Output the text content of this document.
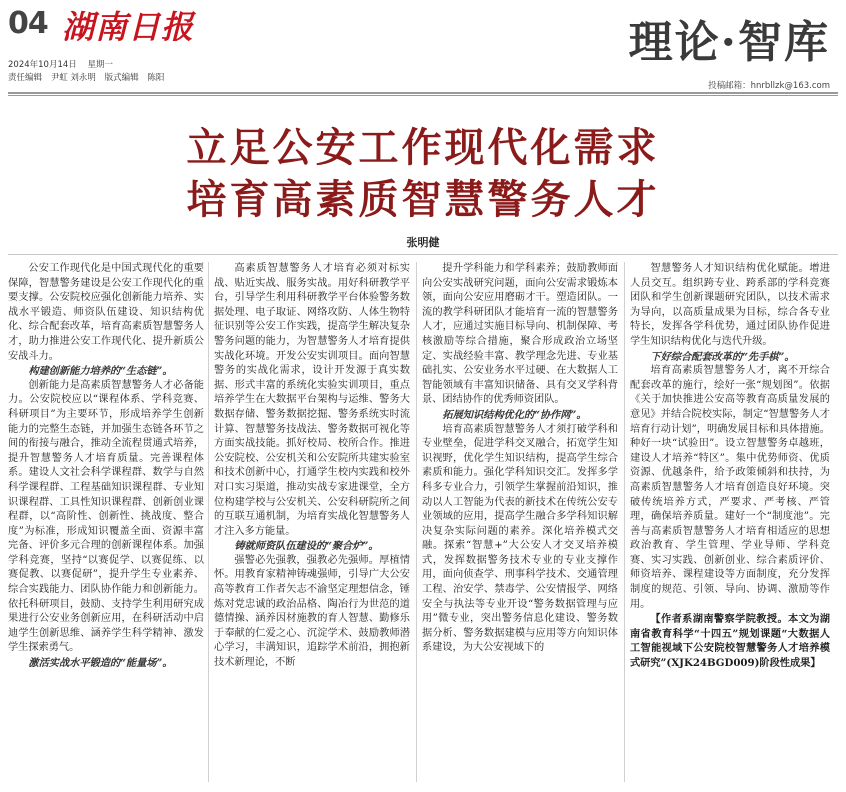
04 湖南日报
2024年10月14日 星期一
责任编辑 尹虹 刘永明 版式编辑 陈阳
理论·智库
投稿邮箱：hnrbllzk@163.com
立足公安工作现代化需求
培育高素质智慧警务人才
张明健

公安工作现代化是中国式现代化的重要保障，智慧警务建设是公安工作现代化的重要支撑。公安院校应强化创新能力培养、实战水平锻造、师资队伍建设、知识结构优化、综合配套改革，培育高素质智慧警务人才，助力推进公安工作现代化、提升新质公安战斗力。

构建创新能力培养的“生态链”。

创新能力是高素质智慧警务人才必备能力。公安院校应以“课程体系、学科竞赛、科研项目”为主要环节，形成培养学生创新能力的完整生态链，并加强生态链各环节之间的衔接与融合，推动全流程贯通式培养，提升智慧警务人才培育质量。完善课程体系。建设人文社会科学课程群、数学与自然科学课程群、工程基础知识课程群、专业知识课程群、工具性知识课程群、创新创业课程群，以“高阶性、创新性、挑战度、整合度”为标准，形成知识覆盖全面、资源丰富完备、评价多元合理的创新课程体系。加强学科竞赛，坚持“以赛促学、以赛促练、以赛促教、以赛促研”，提升学生专业素养、综合实践能力、团队协作能力和创新能力。依托科研项目，鼓励、支持学生利用研究成果进行公安业务创新应用，在科研活动中启迪学生创新思维、涵养学生科学精神、激发学生探索勇气。

激活实战水平锻造的“能量场”。

高素质智慧警务人才培育必须对标实战、贴近实战、服务实战。用好科研教学平台，引导学生利用科研教学平台体验警务数据处理、电子取证、网络攻防、人体生物特征识别等公安工作实践，提高学生解决复杂警务问题的能力，为智慧警务人才培育提供实战化环境。开发公安实训项目。面向智慧警务的实战化需求，设计开发源于真实数据、形式丰富的系统化实验实训项目，重点培养学生在大数据平台架构与运维、警务大数据存储、警务数据挖掘、警务系统实时流计算、智慧警务技战法、警务数据可视化等方面实战技能。抓好校局、校所合作。推进公安院校、公安机关和公安院所共建实验室和技术创新中心，打通学生校内实践和校外对口实习渠道，推动实战专家进课堂，全方位构建学校与公安机关、公安科研院所之间的互联互通机制，为培育实战化智慧警务人才注入多方能量。

铸就师资队伍建设的“聚合炉”。

强警必先强教，强教必先强师。厚植情怀。用教育家精神铸魂强师，引导广大公安高等教育工作者矢志不渝坚定理想信念，锤炼对党忠诚的政治品格、陶冶行为世范的道德情操、涵养因材施教的育人智慧、勤修乐于奉献的仁爱之心、沉淀学术、鼓励教师潜心学习，丰满知识，追踪学术前沿，拥抱新技术新理论，不断

提升学科能力和学科素养；鼓励教师面向公安实战研究问题，面向公安需求锻炼本领，面向公安应用磨砺才干。塑造团队。一流的教学科研团队才能培育一流的智慧警务人才，应通过实施目标导向、机制保障、考核激励等综合措施，聚合形成政治立场坚定、实战经验丰富、教学理念先进、专业基础扎实、公安业务水平过硬、在大数据人工智能领域有丰富知识储备、具有交叉学科背景、团结协作的优秀师资团队。

拓展知识结构优化的“协作网”。

培育高素质智慧警务人才须打破学科和专业壁垒，促进学科交叉融合，拓宽学生知识视野，优化学生知识结构，提高学生综合素质和能力。强化学科知识交汇。发挥多学科多专业合力，引领学生掌握前沿知识，推动以人工智能为代表的新技术在传统公安专业领域的应用，提高学生融合多学科知识解决复杂实际问题的素养。深化培养模式交融。探索“智慧+”大公安人才交叉培养模式，发挥数据警务技术专业的专业支撑作用，面向侦查学、刑事科学技术、交通管理工程、治安学、禁毒学、公安情报学、网络安全与执法等专业开设“警务数据管理与应用”微专业，突出警务信息化建设、警务数据分析、警务数据建模与应用等方向知识体系建设，为大公安视域下的

智慧警务人才知识结构优化赋能。增进人员交互。组织跨专业、跨系部的学科竞赛团队和学生创新课题研究团队，以技术需求为导向，以高质量成果为目标，综合各专业特长，发挥各学科优势，通过团队协作促进学生知识结构优化与迭代升级。

下好综合配套改革的“先手棋”。

培育高素质智慧警务人才，离不开综合配套改革的施行，绘好一张“规划图”。依据《关于加快推进公安高等教育高质量发展的意见》并结合院校实际，制定“智慧警务人才培育行动计划”，明确发展目标和具体措施。种好一块“试验田”。设立智慧警务卓越班，建设人才培养“特区”。集中优势师资、优质资源、优越条件，给予政策倾斜和扶持，为高素质智慧警务人才培育创造良好环境。突破传统培养方式，严要求、严考核、严管理，确保培养质量。建好一个“制度池”。完善与高素质智慧警务人才培育相适应的思想政治教育、学生管理、学业导师、学科竞赛、实习实践、创新创业、综合素质评价、师资培养、课程建设等方面制度，充分发挥制度的规范、引领、导向、协调、激励等作用。

【作者系湖南警察学院教授。本文为湖南省教育科学“十四五”规划课题“大数据人工智能视域下公安院校智慧警务人才培养模式研究”(XJK24BGD009)阶段性成果】
